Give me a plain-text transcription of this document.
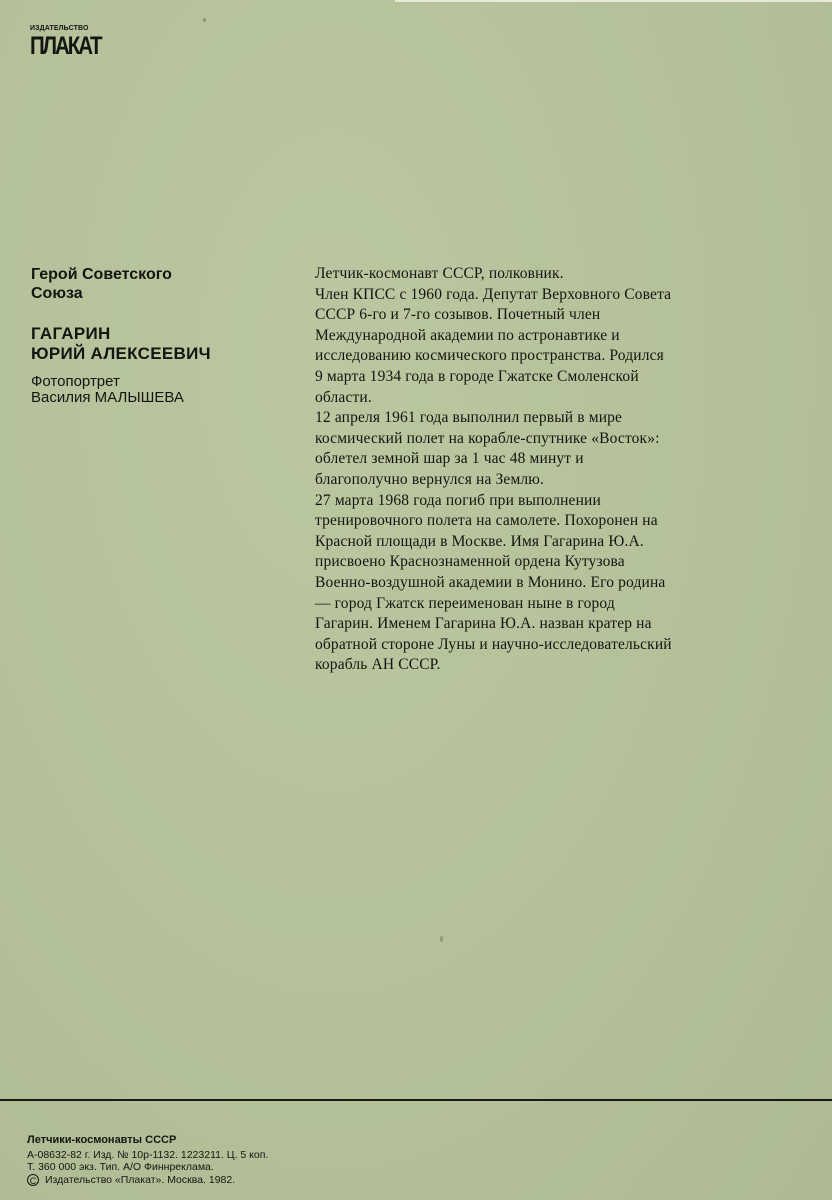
ИЗДАТЕЛЬСТВО
ПЛАКАТ

Герой Советского
Союза

ГАГАРИН
ЮРИЙ АЛЕКСЕЕВИЧ

Фотопортрет
Василия МАЛЫШЕВА

Летчик-космонавт СССР, полковник.
Член КПСС с 1960 года. Депутат Верховного Совета СССР 6-го и 7-го созывов. Почетный член Международной академии по астронавтике и исследованию космического пространства. Родился 9 марта 1934 года в городе Гжатске Смоленской области.
12 апреля 1961 года выполнил первый в мире космический полет на корабле-спутнике «Восток»: облетел земной шар за 1 час 48 минут и благополучно вернулся на Землю.
27 марта 1968 года погиб при выполнении тренировочного полета на самолете. Похоронен на Красной площади в Москве. Имя Гагарина Ю.А. присвоено Краснознаменной ордена Кутузова Военно-воздушной академии в Монино. Его родина — город Гжатск переименован ныне в город Гагарин. Именем Гагарина Ю.А. назван кратер на обратной стороне Луны и научно-исследовательский корабль АН СССР.

Летчики-космонавты СССР
А-08632-82 г. Изд. № 10р-1132. 1223211. Ц. 5 коп.
Т. 360 000 экз. Тип. А/О Финнреклама.
C Издательство «Плакат». Москва. 1982.
